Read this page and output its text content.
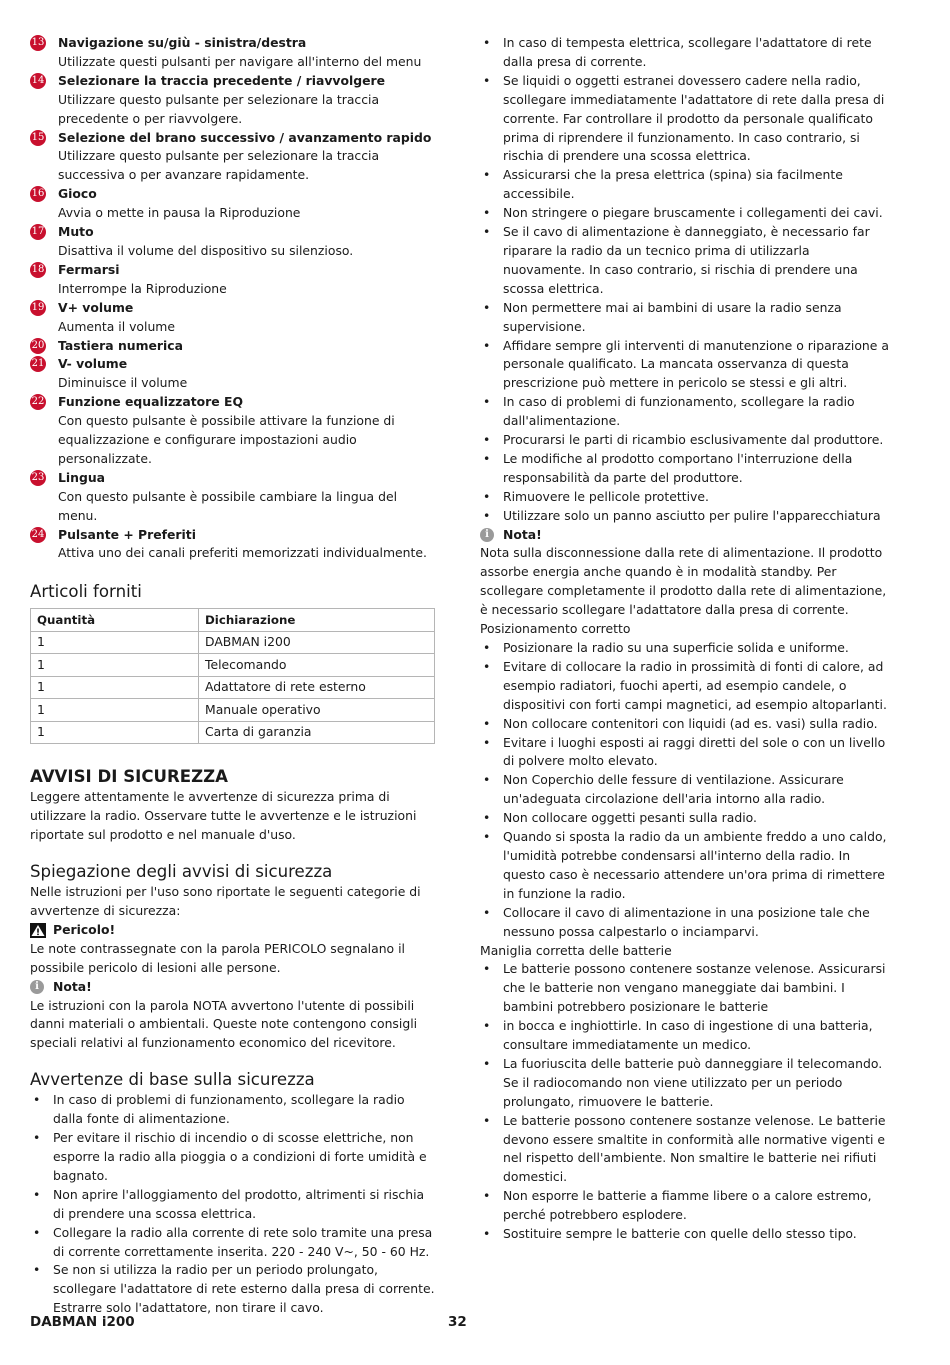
13 Navigazione su/giù - sinistra/destra
Utilizzate questi pulsanti per navigare all'interno del menu
14 Selezionare la traccia precedente / riavvolgere
Utilizzare questo pulsante per selezionare la traccia precedente o per riavvolgere.
15 Selezione del brano successivo / avanzamento rapido
Utilizzare questo pulsante per selezionare la traccia successiva o per avanzare rapidamente.
16 Gioco
Avvia o mette in pausa la Riproduzione
17 Muto
Disattiva il volume del dispositivo su silenzioso.
18 Fermarsi
Interrompe la Riproduzione
19 V+ volume
Aumenta il volume
20 Tastiera numerica
21 V- volume
Diminuisce il volume
22 Funzione equalizzatore EQ
Con questo pulsante è possibile attivare la funzione di equalizzazione e configurare impostazioni audio personalizzate.
23 Lingua
Con questo pulsante è possibile cambiare la lingua del menu.
24 Pulsante + Preferiti
Attiva uno dei canali preferiti memorizzati individualmente.
Articoli forniti
Quantità	Dichiarazione
1	DABMAN i200
1	Telecomando
1	Adattatore di rete esterno
1	Manuale operativo
1	Carta di garanzia
AVVISI DI SICUREZZA
Leggere attentamente le avvertenze di sicurezza prima di utilizzare la radio. Osservare tutte le avvertenze e le istruzioni riportate sul prodotto e nel manuale d'uso.
Spiegazione degli avvisi di sicurezza
Nelle istruzioni per l'uso sono riportate le seguenti categorie di avvertenze di sicurezza:
Pericolo!
Le note contrassegnate con la parola PERICOLO segnalano il possibile pericolo di lesioni alle persone.
i	Nota!
Le istruzioni con la parola NOTA avvertono l'utente di possibili danni materiali o ambientali. Queste note contengono consigli speciali relativi al funzionamento economico del ricevitore.
Avvertenze di base sulla sicurezza
• In caso di problemi di funzionamento, scollegare la radio dalla fonte di alimentazione.
• Per evitare il rischio di incendio o di scosse elettriche, non esporre la radio alla pioggia o a condizioni di forte umidità e bagnato.
• Non aprire l'alloggiamento del prodotto, altrimenti si rischia di prendere una scossa elettrica.
• Collegare la radio alla corrente di rete solo tramite una presa di corrente correttamente inserita. 220 - 240 V~, 50 - 60 Hz.
• Se non si utilizza la radio per un periodo prolungato, scollegare l'adattatore di rete esterno dalla presa di corrente. Estrarre solo l'adattatore, non tirare il cavo.
• In caso di tempesta elettrica, scollegare l'adattatore di rete dalla presa di corrente.
• Se liquidi o oggetti estranei dovessero cadere nella radio, scollegare immediatamente l'adattatore di rete dalla presa di corrente. Far controllare il prodotto da personale qualificato prima di riprendere il funzionamento. In caso contrario, si rischia di prendere una scossa elettrica.
• Assicurarsi che la presa elettrica (spina) sia facilmente accessibile.
• Non stringere o piegare bruscamente i collegamenti dei cavi.
• Se il cavo di alimentazione è danneggiato, è necessario far riparare la radio da un tecnico prima di utilizzarla nuovamente. In caso contrario, si rischia di prendere una scossa elettrica.
• Non permettere mai ai bambini di usare la radio senza supervisione.
• Affidare sempre gli interventi di manutenzione o riparazione a personale qualificato. La mancata osservanza di questa prescrizione può mettere in pericolo se stessi e gli altri.
• In caso di problemi di funzionamento, scollegare la radio dall'alimentazione.
• Procurarsi le parti di ricambio esclusivamente dal produttore.
• Le modifiche al prodotto comportano l'interruzione della responsabilità da parte del produttore.
• Rimuovere le pellicole protettive.
• Utilizzare solo un panno asciutto per pulire l'apparecchiatura
i	Nota!
Nota sulla disconnessione dalla rete di alimentazione. Il prodotto assorbe energia anche quando è in modalità standby. Per scollegare completamente il prodotto dalla rete di alimentazione, è necessario scollegare l'adattatore dalla presa di corrente.
Posizionamento corretto
• Posizionare la radio su una superficie solida e uniforme.
• Evitare di collocare la radio in prossimità di fonti di calore, ad esempio radiatori, fuochi aperti, ad esempio candele, o dispositivi con forti campi magnetici, ad esempio altoparlanti.
• Non collocare contenitori con liquidi (ad es. vasi) sulla radio.
• Evitare i luoghi esposti ai raggi diretti del sole o con un livello di polvere molto elevato.
• Non Coperchio delle fessure di ventilazione. Assicurare un'adeguata circolazione dell'aria intorno alla radio.
• Non collocare oggetti pesanti sulla radio.
• Quando si sposta la radio da un ambiente freddo a uno caldo, l'umidità potrebbe condensarsi all'interno della radio. In questo caso è necessario attendere un'ora prima di rimettere in funzione la radio.
• Collocare il cavo di alimentazione in una posizione tale che nessuno possa calpestarlo o inciamparvi.
Maniglia corretta delle batterie
• Le batterie possono contenere sostanze velenose. Assicurarsi che le batterie non vengano maneggiate dai bambini. I bambini potrebbero posizionare le batterie
• in bocca e inghiottirle. In caso di ingestione di una batteria, consultare immediatamente un medico.
• La fuoriuscita delle batterie può danneggiare il telecomando. Se il radiocomando non viene utilizzato per un periodo prolungato, rimuovere le batterie.
• Le batterie possono contenere sostanze velenose. Le batterie devono essere smaltite in conformità alle normative vigenti e nel rispetto dell'ambiente. Non smaltire le batterie nei rifiuti domestici.
• Non esporre le batterie a fiamme libere o a calore estremo, perché potrebbero esplodere.
• Sostituire sempre le batterie con quelle dello stesso tipo.
DABMAN i200	32
